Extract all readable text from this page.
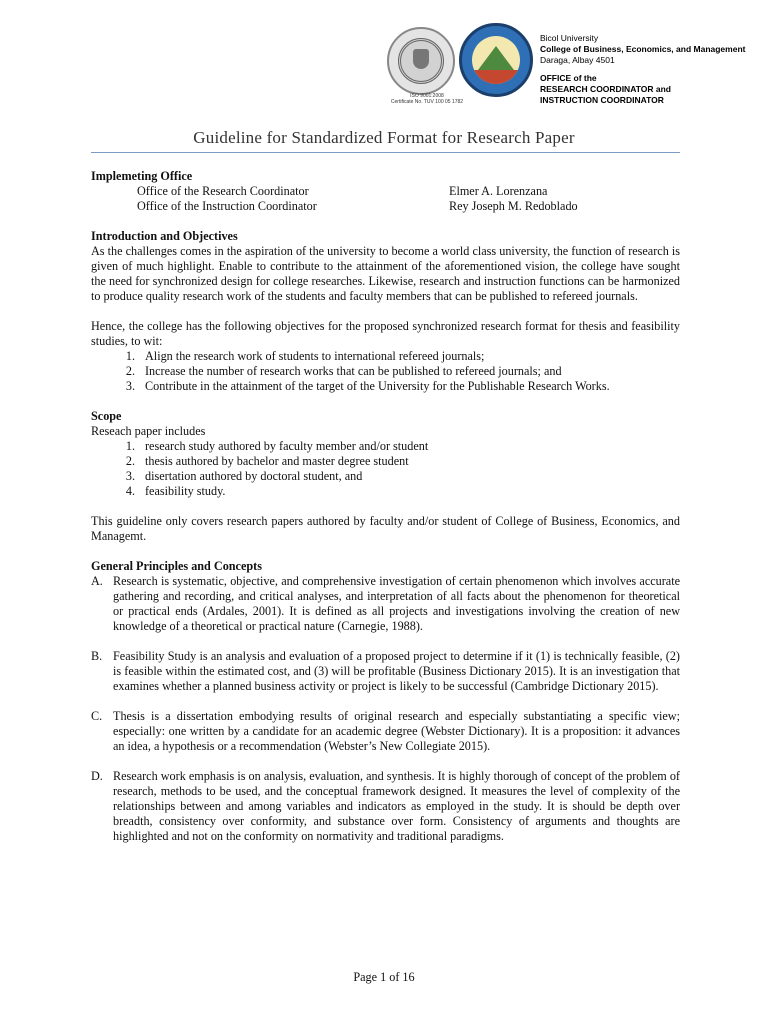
ISO 9001:2008
Certificate No. TUV 100 05 1782
Bicol University
College of Business, Economics, and Management
Daraga, Albay 4501
OFFICE of the
RESEARCH COORDINATOR and
INSTRUCTION COORDINATOR
Guideline for Standardized Format for Research Paper
Implemeting Office
Office of the Research Coordinator	Elmer A. Lorenzana
Office of the Instruction Coordinator	Rey Joseph M. Redoblado
Introduction and Objectives

As the challenges comes in the aspiration of the university to become a world class university, the function of research is given of much highlight. Enable to contribute to the attainment of the aforementioned vision, the college have sought the need for synchronized design for college researches. Likewise, research and instruction functions can be harmonized to produce quality research work of the students and faculty members that can be published to refereed journals.

Hence, the college has the following objectives for the proposed synchronized research format for thesis and feasibility studies, to wit:

1. Align the research work of students to international refereed journals;
2. Increase the number of research works that can be published to refereed journals; and
3. Contribute in the attainment of the target of the University for the Publishable Research Works.
Scope
Reseach paper includes
1. research study authored by faculty member and/or student
2. thesis authored by bachelor and master degree student
3. disertation authored by doctoral student, and
4. feasibility study.

This guideline only covers research papers authored by faculty and/or student of College of Business, Economics, and Managemt.

General Principles and Concepts
A. Research is systematic, objective, and comprehensive investigation of certain phenomenon which involves accurate gathering and recording, and critical analyses, and interpretation of all facts about the phenomenon for theoretical or practical ends (Ardales, 2001). It is defined as all projects and investigations involving the creation of new knowledge of a theoretical or practical nature (Carnegie, 1988).
B. Feasibility Study is an analysis and evaluation of a proposed project to determine if it (1) is technically feasible, (2) is feasible within the estimated cost, and (3) will be profitable (Business Dictionary 2015). It is an investigation that examines whether a planned business activity or project is likely to be successful (Cambridge Dictionary 2015).
C. Thesis is a dissertation embodying results of original research and especially substantiating a specific view; especially: one written by a candidate for an academic degree (Webster Dictionary). It is a proposition: it advances an idea, a hypothesis or a recommendation (Webster’s New Collegiate 2015).
D. Research work emphasis is on analysis, evaluation, and synthesis. It is highly thorough of concept of the problem of research, methods to be used, and the conceptual framework designed. It measures the level of complexity of the relationships between and among variables and indicators as employed in the study. It is should be depth over breadth, consistency over conformity, and substance over form. Consistency of arguments and thoughts are highlighted and not on the conformity on normativity and traditional paradigms.
Page 1 of 16
